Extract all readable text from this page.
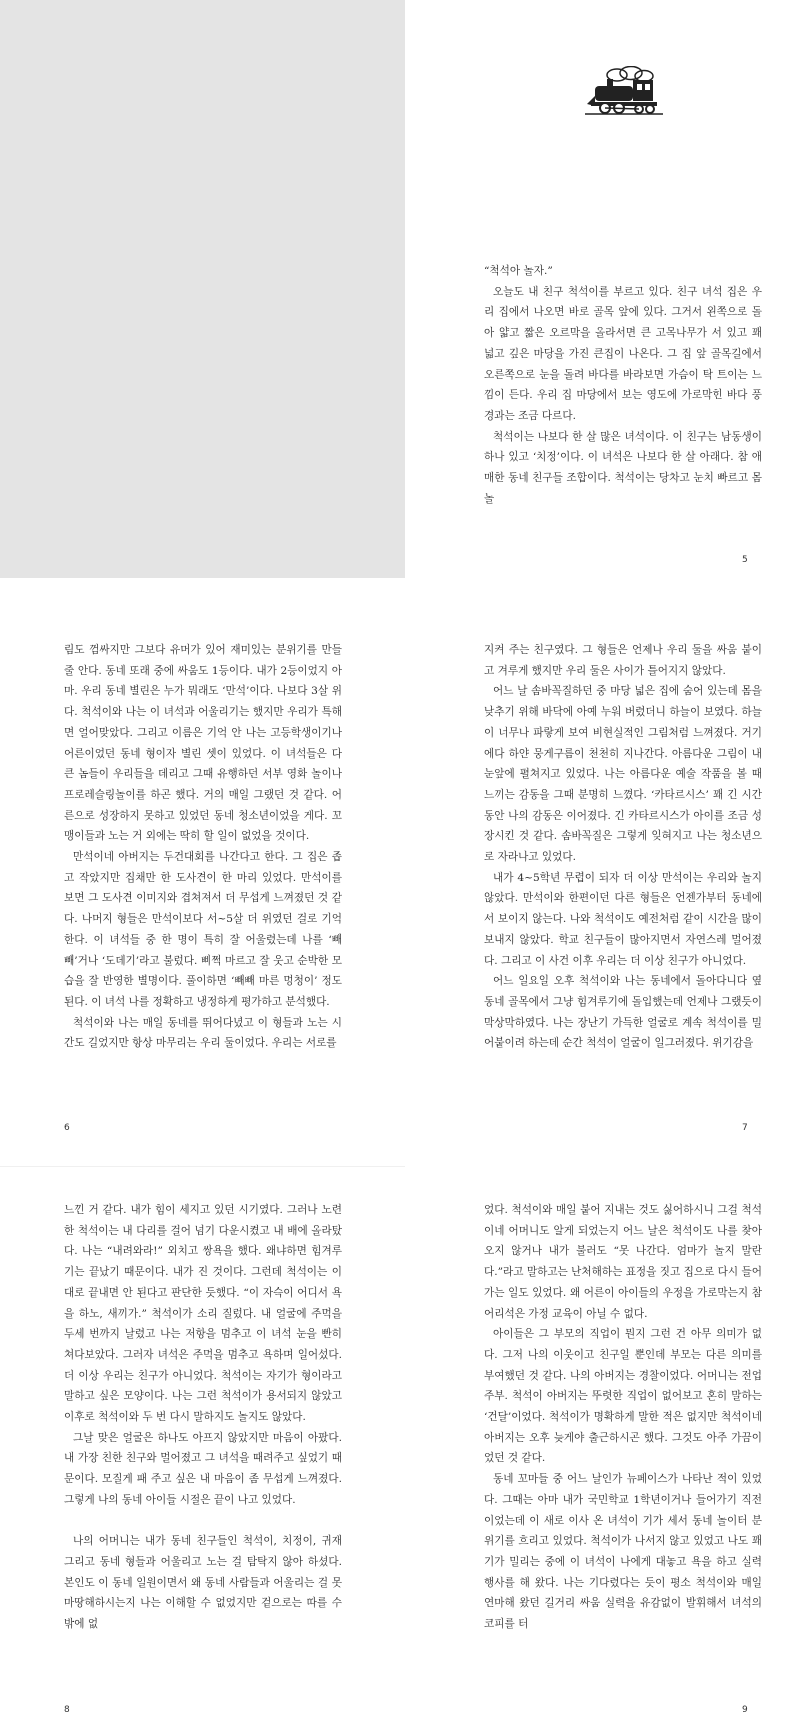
“척석아 놀자.”

오늘도 내 친구 척석이를 부르고 있다. 친구 녀석 집은 우리 집에서 나오면 바로 골목 앞에 있다. 그거서 왼쪽으로 돌아 얇고 짧은 오르막을 올라서면 큰 고목나무가 서 있고 꽤 넓고 깊은 마당을 가진 큰집이 나온다. 그 집 앞 골목길에서 오른쪽으로 눈을 돌려 바다를 바라보면 가슴이 탁 트이는 느낌이 든다. 우리 집 마당에서 보는 영도에 가로막힌 바다 풍경과는 조금 다르다.

척석이는 나보다 한 살 많은 녀석이다. 이 친구는 남동생이 하나 있고 ‘치정’이다. 이 녀석은 나보다 한 살 아래다. 참 애매한 동네 친구들 조합이다. 척석이는 당차고 눈치 빠르고 몸놀

5

림도 껌싸지만 그보다 유머가 있어 재미있는 분위기를 만들 줄 안다. 동네 또래 중에 싸움도 1등이다. 내가 2등이었지 아마. 우리 동네 별린은 누가 뭐래도 ‘만석’이다. 나보다 3살 위다. 척석이와 나는 이 녀석과 어울리기는 했지만 우리가 특해면 얼어맞았다. 그리고 이름은 기억 안 나는 고등학생이기나 어른이었던 동네 형이자 별린 셋이 있었다. 이 녀석들은 다 큰 놈들이 우리들을 데리고 그때 유행하던 서부 영화 놀이나 프로레슬링놀이를 하곤 했다. 거의 매일 그랬던 것 같다. 어른으로 성장하지 못하고 있었던 동네 청소년이었을 게다. 꼬맹이들과 노는 거 외에는 딱히 할 일이 없었을 것이다.

만석이네 아버지는 두건대회를 나간다고 한다. 그 집은 좁고 작았지만 집채만 한 도사견이 한 마리 있었다. 만석이를 보면 그 도사견 이미지와 겹쳐져서 더 무섭게 느껴졌던 것 같다. 나머지 형들은 만석이보다 서~5살 더 위였던 걸로 기억한다. 이 녀석들 중 한 명이 특히 잘 어울렸는데 나를 ‘빼빼’거나 ‘도데기’라고 불렀다. 삐쩍 마르고 잘 웃고 순박한 모습을 잘 반영한 별명이다. 풀이하면 ‘빼빼 마른 멍청이’ 정도 된다. 이 녀석 나를 정확하고 냉정하게 평가하고 분석했다.

척석이와 나는 매일 동네를 뛰어다녔고 이 형들과 노는 시간도 길었지만 항상 마무리는 우리 둘이었다. 우리는 서로를

6

지켜 주는 친구였다. 그 형들은 언제나 우리 둘을 싸움 붙이고 겨루게 했지만 우리 둘은 사이가 틀어지지 않았다.

어느 날 솜바꼭질하던 중 마당 넓은 집에 숨어 있는데 몸을 낮추기 위해 바닥에 아예 누워 버렸더니 하늘이 보였다. 하늘이 너무나 파랗게 보여 비현실적인 그림처럼 느껴졌다. 거기에다 하얀 뭉게구름이 천천히 지나간다. 아름다운 그림이 내 눈앞에 펼쳐지고 있었다. 나는 아름다운 예술 작품을 볼 때 느끼는 감동을 그때 분명히 느꼈다. ‘카타르시스’ 꽤 긴 시간 동안 나의 감동은 이어졌다. 긴 카타르시스가 아이를 조금 성장시킨 것 같다. 솜바꼭질은 그렇게 잊혀지고 나는 청소년으로 자라나고 있었다.

내가 4~5학년 무렵이 되자 더 이상 만석이는 우리와 놀지 않았다. 만석이와 한편이던 다른 형들은 언젠가부터 동네에서 보이지 않는다. 나와 척석이도 예전처럼 같이 시간을 많이 보내지 않았다. 학교 친구들이 많아지면서 자연스레 멀어졌다. 그리고 이 사건 이후 우리는 더 이상 친구가 아니었다.

어느 일요일 오후 척석이와 나는 동네에서 돌아다니다 옆 동네 골목에서 그냥 힘겨루기에 돌입했는데 언제나 그랬듯이 막상막하였다. 나는 장난기 가득한 얼굴로 계속 척석이를 밀어붙이려 하는데 순간 척석이 얼굴이 일그러졌다. 위기감을

7

느낀 거 같다. 내가 힘이 세지고 있던 시기였다. 그러나 노련한 척석이는 내 다리를 걸어 넘기 다운시켰고 내 배에 올라탔다. 나는 “내려와라!” 외치고 쌍욕을 했다. 왜냐하면 힘겨루기는 끝났기 때문이다. 내가 진 것이다. 그런데 척석이는 이대로 끝내면 안 된다고 판단한 듯했다. “이 자슥이 어디서 욕을 하노, 새끼가.” 척석이가 소리 질렀다. 내 얼굴에 주먹을 두세 번까지 날렸고 나는 저항을 멈추고 이 녀석 눈을 빤히 쳐다보았다. 그러자 녀석은 주먹을 멈추고 욕하며 일어섰다. 더 이상 우리는 친구가 아니었다. 척석이는 자기가 형이라고 말하고 싶은 모양이다. 나는 그런 척석이가 용서되지 않았고 이후로 척석이와 두 번 다시 말하지도 놀지도 않았다.

그날 맞은 얼굴은 하나도 아프지 않았지만 마음이 아팠다. 내 가장 친한 친구와 멀어졌고 그 녀석을 때려주고 싶었기 때문이다. 모질게 패 주고 싶은 내 마음이 좀 무섭게 느껴졌다. 그렇게 나의 동네 아이들 시절은 끝이 나고 있었다.

나의 어머니는 내가 동네 친구들인 척석이, 치정이, 귀재 그리고 동네 형들과 어울리고 노는 걸 탐탁지 않아 하셨다. 본인도 이 동네 일원이면서 왜 동네 사람들과 어울리는 걸 못마땅해하시는지 나는 이해할 수 없었지만 겉으로는 따를 수밖에 없

8

었다. 척석이와 매일 붙어 지내는 것도 싫어하시니 그걸 척석이네 어머니도 알게 되었는지 어느 날은 척석이도 나를 찾아오지 않거나 내가 불러도 “못 나간다. 엄마가 놀지 말란다.”라고 말하고는 난처해하는 표정을 짓고 집으로 다시 들어가는 일도 있었다. 왜 어른이 아이들의 우정을 가로막는지 참 어리석은 가정 교육이 아닐 수 없다.

아이들은 그 부모의 직업이 뭔지 그런 건 아무 의미가 없다. 그저 나의 이웃이고 친구일 뿐인데 부모는 다른 의미를 부여했던 것 같다. 나의 아버지는 경찰이었다. 어머니는 전업주부. 척석이 아버지는 뚜렷한 직업이 없어보고 혼히 말하는 ‘건달’이었다. 척석이가 명확하게 말한 적은 없지만 척석이네 아버지는 오후 늦게야 출근하시곤 했다. 그것도 아주 가끔이었던 것 같다.

동네 꼬마들 중 어느 날인가 뉴페이스가 나타난 적이 있었다. 그때는 아마 내가 국민학교 1학년이거나 들어가기 직전이었는데 이 새로 이사 온 녀석이 기가 세서 동네 놀이터 분위기를 흐리고 있었다. 척석이가 나서지 않고 있었고 나도 꽤 기가 밀리는 중에 이 녀석이 나에게 대놓고 욕을 하고 실력 행사를 해 왔다. 나는 기다렸다는 듯이 평소 척석이와 매일 연마해 왔던 길거리 싸움 실력을 유감없이 발휘해서 녀석의 코피를 터

9
